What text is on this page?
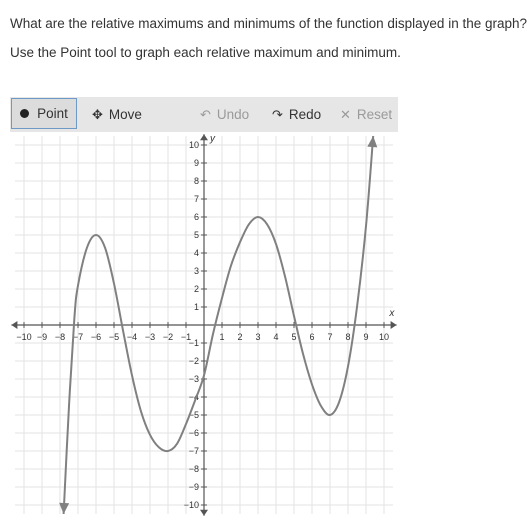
What are the relative maximums and minimums of the function displayed in the graph?
Use the Point tool to graph each relative maximum and minimum.
Point ✥ Move	↶ Undo ↷ Redo ✕ Reset
−10 −9 −8 −7 −6 −5 −4 −3 −2 −1	1 2 3 4 5 6 7 8 9 10
10
9
8
7
6
5
4
3
2
1
−1
−2
−3
−4
−5
−6
−7
−8
−9
−10
x
y
